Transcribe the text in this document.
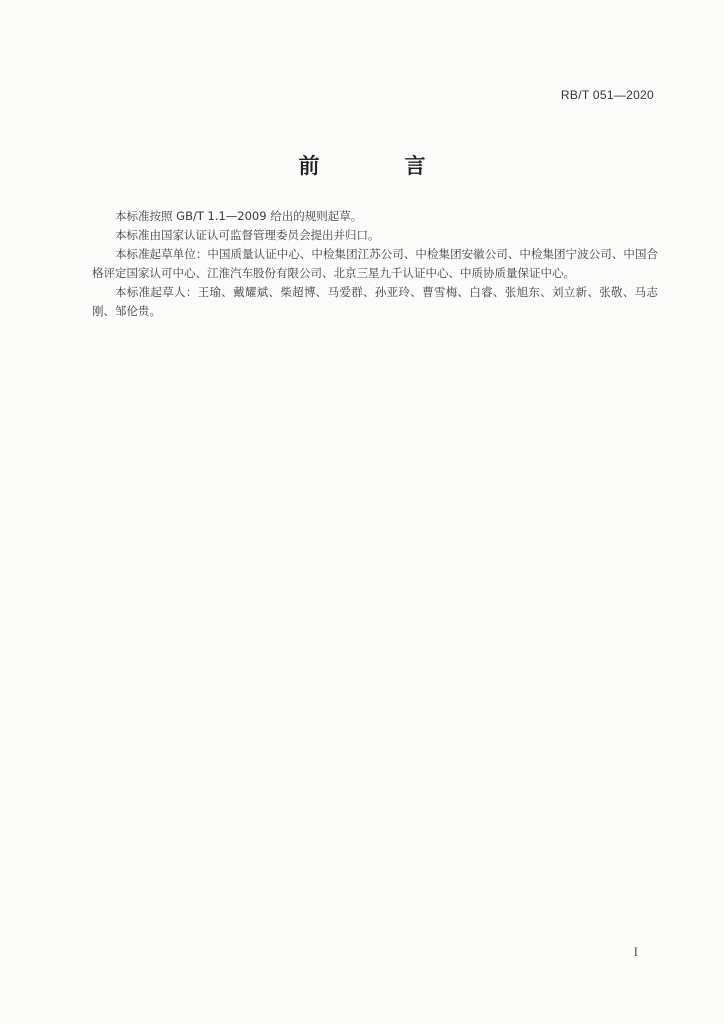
RB/T 051—2020
前　言

本标准按照 GB/T 1.1—2009 给出的规则起草。

本标准由国家认证认可监督管理委员会提出并归口。

本标准起草单位：中国质量认证中心、中检集团江苏公司、中检集团安徽公司、中检集团宁波公司、中国合格评定国家认可中心、江淮汽车股份有限公司、北京三星九千认证中心、中质协质量保证中心。

本标准起草人：王瑜、戴耀斌、柴超博、马爱群、孙亚玲、曹雪梅、白睿、张旭东、刘立新、张敬、马志刚、邹伦贵。

I
